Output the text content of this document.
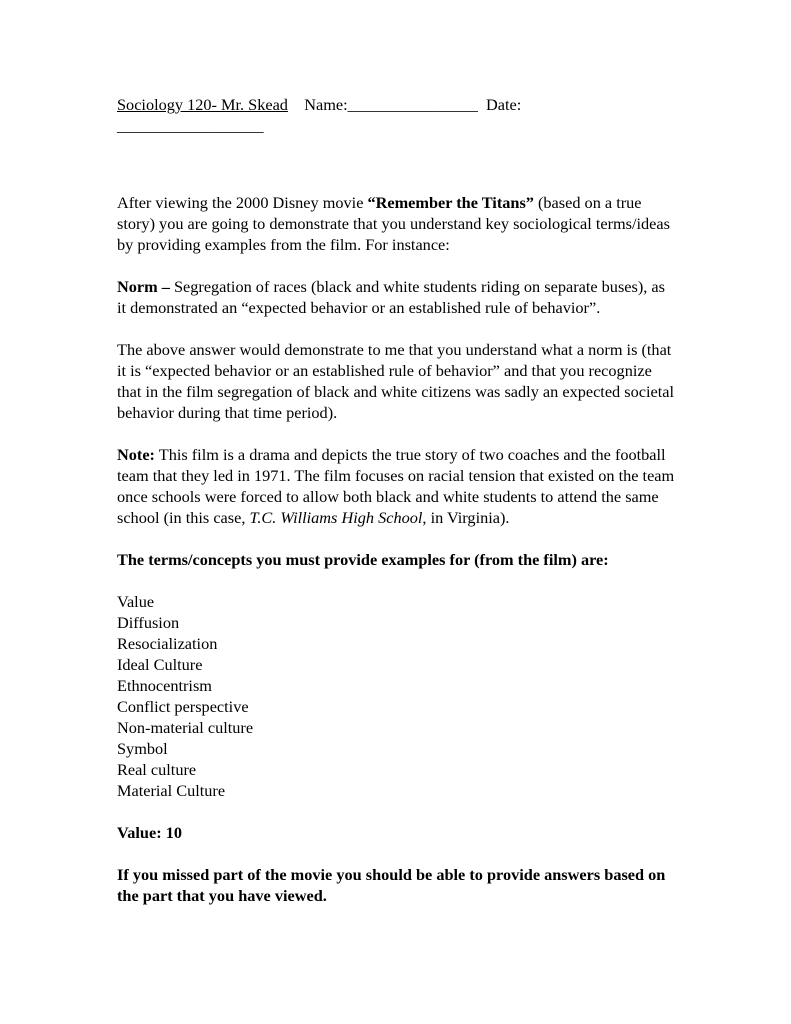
Sociology 120- Mr. Skead Name:________________ Date:
__________________

After viewing the 2000 Disney movie “Remember the Titans” (based on a true story) you are going to demonstrate that you understand key sociological terms/ideas by providing examples from the film. For instance:

Norm – Segregation of races (black and white students riding on separate buses), as it demonstrated an “expected behavior or an established rule of behavior”.

The above answer would demonstrate to me that you understand what a norm is (that it is “expected behavior or an established rule of behavior” and that you recognize that in the film segregation of black and white citizens was sadly an expected societal behavior during that time period).

Note: This film is a drama and depicts the true story of two coaches and the football team that they led in 1971. The film focuses on racial tension that existed on the team once schools were forced to allow both black and white students to attend the same school (in this case, T.C. Williams High School, in Virginia).

The terms/concepts you must provide examples for (from the film) are:

Value
Diffusion
Resocialization
Ideal Culture
Ethnocentrism
Conflict perspective
Non-material culture
Symbol
Real culture
Material Culture

Value: 10

If you missed part of the movie you should be able to provide answers based on the part that you have viewed.
